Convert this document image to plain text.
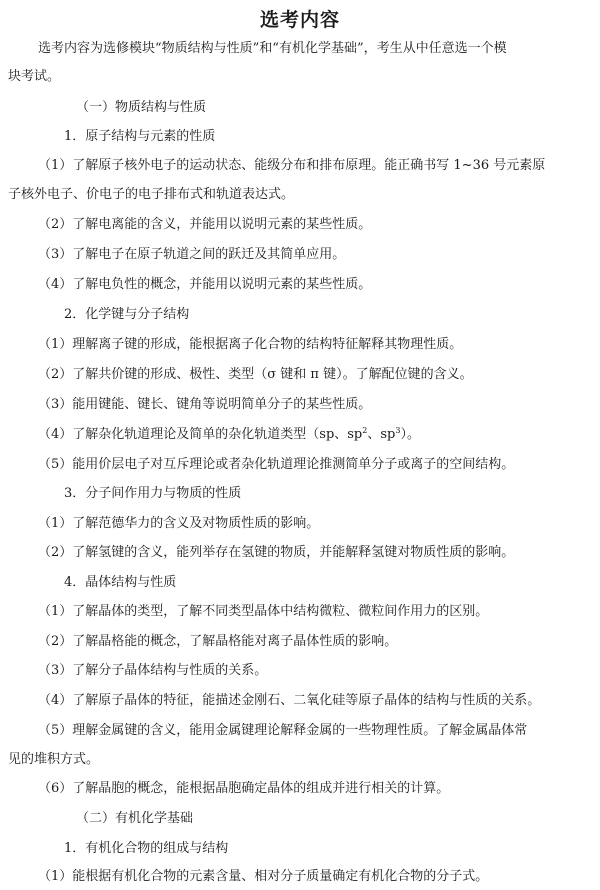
选考内容
选考内容为选修模块“物质结构与性质”和“有机化学基础”，考生从中任意选一个模
块考试。
（一）物质结构与性质
1．原子结构与元素的性质
（1）了解原子核外电子的运动状态、能级分布和排布原理。能正确书写 1~36 号元素原
子核外电子、价电子的电子排布式和轨道表达式。
（2）了解电离能的含义，并能用以说明元素的某些性质。
（3）了解电子在原子轨道之间的跃迁及其简单应用。
（4）了解电负性的概念，并能用以说明元素的某些性质。
2．化学键与分子结构
（1）理解离子键的形成，能根据离子化合物的结构特征解释其物理性质。
（2）了解共价键的形成、极性、类型（σ 键和 π 键）。了解配位键的含义。
（3）能用键能、键长、键角等说明简单分子的某些性质。
（4）了解杂化轨道理论及简单的杂化轨道类型（sp、$sp^2$、$sp^3$）。
（5）能用价层电子对互斥理论或者杂化轨道理论推测简单分子或离子的空间结构。
3．分子间作用力与物质的性质
（1）了解范德华力的含义及对物质性质的影响。
（2）了解氢键的含义，能列举存在氢键的物质，并能解释氢键对物质性质的影响。
4．晶体结构与性质
（1）了解晶体的类型，了解不同类型晶体中结构微粒、微粒间作用力的区别。
（2）了解晶格能的概念，了解晶格能对离子晶体性质的影响。
（3）了解分子晶体结构与性质的关系。
（4）了解原子晶体的特征，能描述金刚石、二氧化硅等原子晶体的结构与性质的关系。
（5）理解金属键的含义，能用金属键理论解释金属的一些物理性质。了解金属晶体常
见的堆积方式。
（6）了解晶胞的概念，能根据晶胞确定晶体的组成并进行相关的计算。
（二）有机化学基础
1．有机化合物的组成与结构
（1）能根据有机化合物的元素含量、相对分子质量确定有机化合物的分子式。
